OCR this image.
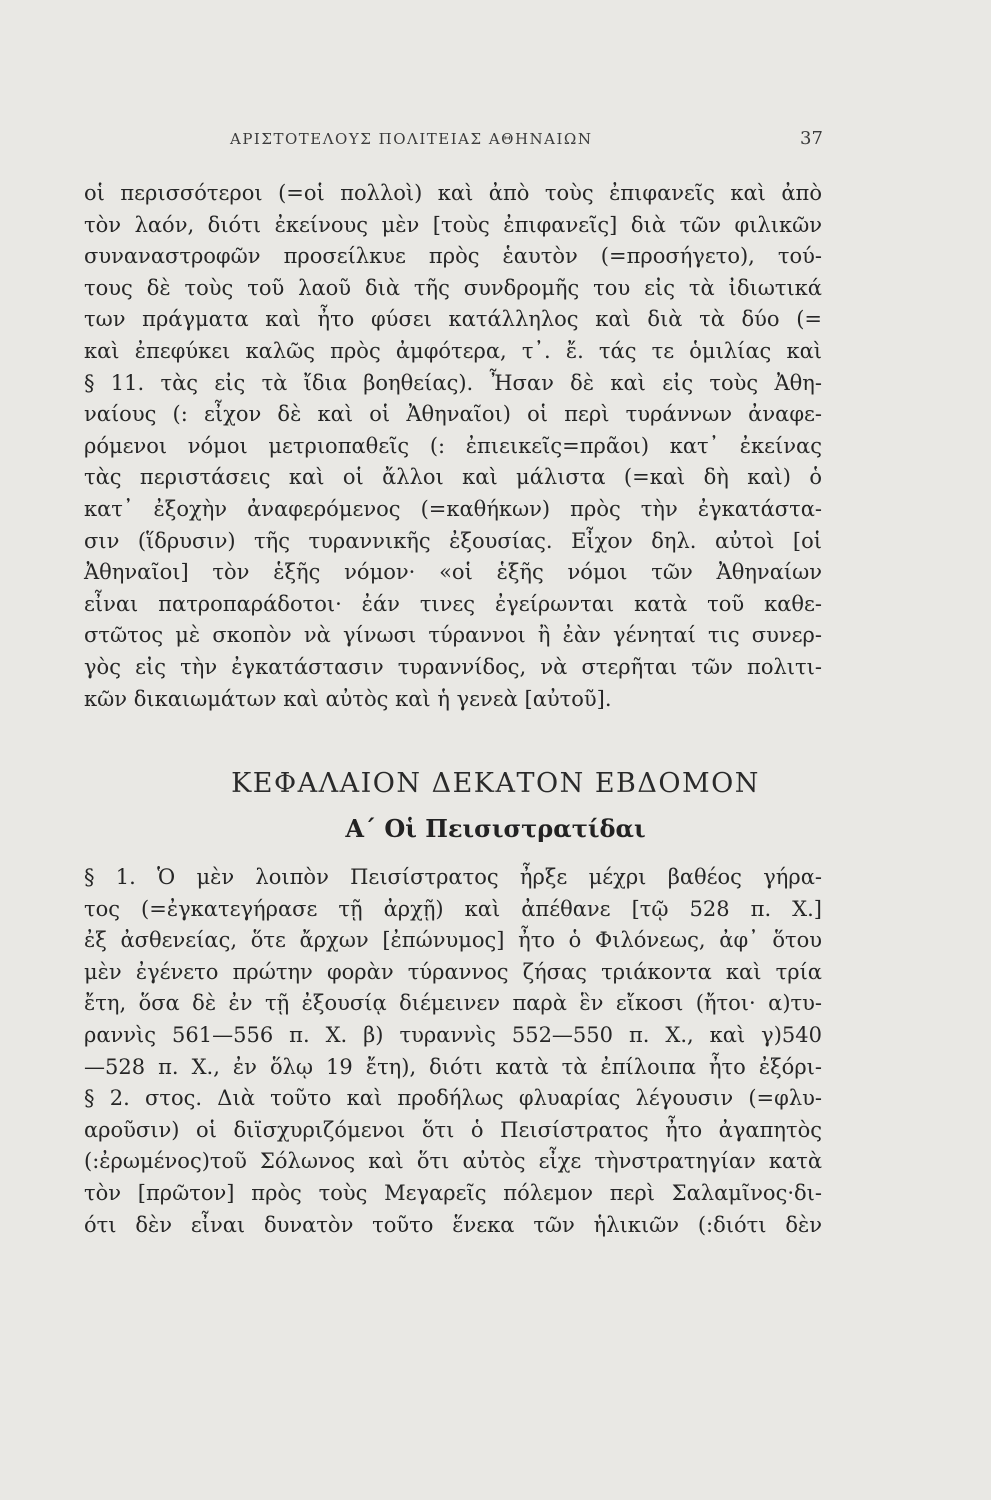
ΑΡΙΣΤΟΤΕΛΟΥΣ ΠΟΛΙΤΕΙΑΣ ΑΘΗΝΑΙΩΝ	37
οἱ περισσότεροι (=οἱ πολλοὶ) καὶ ἀπὸ τοὺς ἐπιφανεῖς καὶ ἀπὸ
τὸν λαόν, διότι ἐκείνους μὲν [τοὺς ἐπιφανεῖς] διὰ τῶν φιλικῶν
συναναστροφῶν προσείλκυε πρὸς ἑαυτὸν (=προσήγετο), τού-
τους δὲ τοὺς τοῦ λαοῦ διὰ τῆς συνδρομῆς του εἰς τὰ ἰδιωτικά
των πράγματα καὶ ἦτο φύσει κατάλληλος καὶ διὰ τὰ δύο (=
καὶ ἐπεφύκει καλῶς πρὸς ἀμφότερα, τ᾿. ἔ. τάς τε ὁμιλίας καὶ
§ 11. τὰς εἰς τὰ ἴδια βοηθείας). Ἦσαν δὲ καὶ εἰς τοὺς Ἀθη-
ναίους (: εἶχον δὲ καὶ οἱ Ἀθηναῖοι) οἱ περὶ τυράννων ἀναφε-
ρόμενοι νόμοι μετριοπαθεῖς (: ἐπιεικεῖς=πρᾶοι) κατ᾿ ἐκείνας
τὰς περιστάσεις καὶ οἱ ἄλλοι καὶ μάλιστα (=καὶ δὴ καὶ) ὁ
κατ᾿ ἐξοχὴν ἀναφερόμενος (=καθήκων) πρὸς τὴν ἐγκατάστα-
σιν (ἵδρυσιν) τῆς τυραννικῆς ἐξουσίας. Εἶχον δηλ. αὐτοὶ [οἱ
Ἀθηναῖοι] τὸν ἑξῆς νόμον· «οἱ ἑξῆς νόμοι τῶν Ἀθηναίων
εἶναι πατροπαράδοτοι· ἐάν τινες ἐγείρωνται κατὰ τοῦ καθε-
στῶτος μὲ σκοπὸν νὰ γίνωσι τύραννοι ἢ ἐὰν γένηταί τις συνερ-
γὸς εἰς τὴν ἐγκατάστασιν τυραννίδος, νὰ στερῆται τῶν πολιτι-
κῶν δικαιωμάτων καὶ αὐτὸς καὶ ἡ γενεὰ [αὐτοῦ].
ΚΕΦΑΛΑΙΟΝ ΔΕΚΑΤΟΝ ΕΒΔΟΜΟΝ
Α΄ Οἱ Πεισιστρατίδαι
§ 1. Ὁ μὲν λοιπὸν Πεισίστρατος ἦρξε μέχρι βαθέος γήρα-
τος (=ἐγκατεγήρασε τῇ ἀρχῇ) καὶ ἀπέθανε [τῷ 528 π. Χ.]
ἐξ ἀσθενείας, ὅτε ἄρχων [ἐπώνυμος] ἦτο ὁ Φιλόνεως, ἀφ᾿ ὅτου
μὲν ἐγένετο πρώτην φορὰν τύραννος ζήσας τριάκοντα καὶ τρία
ἔτη, ὅσα δὲ ἐν τῇ ἐξουσίᾳ διέμεινεν παρὰ ἓν εἴκοσι (ἤτοι· α)τυ-
ραννὶς 561—556 π. Χ. β) τυραννὶς 552—550 π. Χ., καὶ γ)540
—528 π. Χ., ἐν ὅλῳ 19 ἔτη), διότι κατὰ τὰ ἐπίλοιπα ἦτο ἐξόρι-
§ 2. στος. Διὰ τοῦτο καὶ προδήλως φλυαρίας λέγουσιν (=φλυ-
αροῦσιν) οἱ διϊσχυριζόμενοι ὅτι ὁ Πεισίστρατος ἦτο ἀγαπητὸς
(:ἐρωμένος)τοῦ Σόλωνος καὶ ὅτι αὐτὸς εἶχε τὴνστρατηγίαν κατὰ
τὸν [πρῶτον] πρὸς τοὺς Μεγαρεῖς πόλεμον περὶ Σαλαμῖνος·δι-
ότι δὲν εἶναι δυνατὸν τοῦτο ἕνεκα τῶν ἡλικιῶν (:διότι δὲν
